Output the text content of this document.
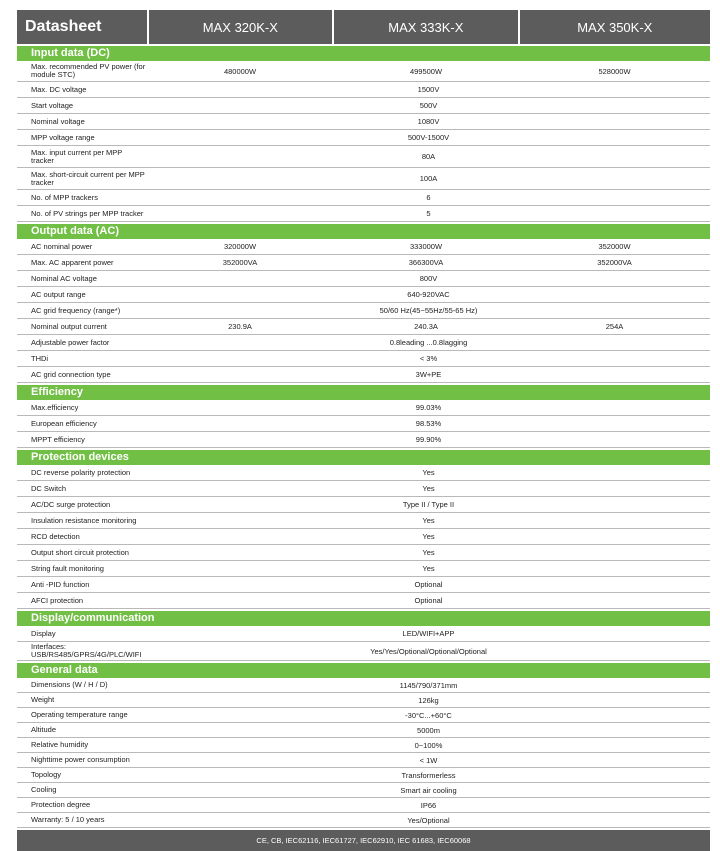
Datasheet	MAX 320K-X	MAX 333K-X	MAX 350K-X
Input data (DC)
Max. recommended PV power (for module STC)	480000W	499500W	528000W
Max. DC voltage	1500V
Start voltage	500V
Nominal voltage	1080V
MPP voltage range	500V-1500V
Max. input current per MPP tracker	80A
Max. short-circuit current per MPP tracker	100A
No. of MPP trackers	6
No. of PV strings per MPP tracker	5
Output data (AC)
AC nominal power	320000W	333000W	352000W
Max. AC apparent power	352000VA	366300VA	352000VA
Nominal AC voltage	800V
AC output range	640-920VAC
AC grid frequency (range*)	50/60 Hz(45~55Hz/55-65 Hz)
Nominal output current	230.9A	240.3A	254A
Adjustable power factor	0.8leading ...0.8lagging
THDi	< 3%
AC grid connection type	3W+PE
Efficiency
Max.efficiency	99.03%
European efficiency	98.53%
MPPT efficiency	99.90%
Protection devices
DC reverse polarity protection	Yes
DC Switch	Yes
AC/DC surge protection	Type II / Type II
Insulation resistance monitoring	Yes
RCD detection	Yes
Output short circuit protection	Yes
String fault monitoring	Yes
Anti -PID function	Optional
AFCI protection	Optional
Display/communication
Display	LED/WIFI+APP
Interfaces: USB/RS485/GPRS/4G/PLC/WIFI	Yes/Yes/Optional/Optional/Optional
General data
Dimensions (W / H / D)	1145/790/371mm
Weight	126kg
Operating temperature range	-30°C...+60°C
Altitude	5000m
Relative humidity	0~100%
Nighttime power consumption	< 1W
Topology	Transformerless
Cooling	Smart air cooling
Protection degree	IP66
Warranty: 5 / 10 years	Yes/Optional
CE, CB, IEC62116, IEC61727, IEC62910, IEC 61683, IEC60068
